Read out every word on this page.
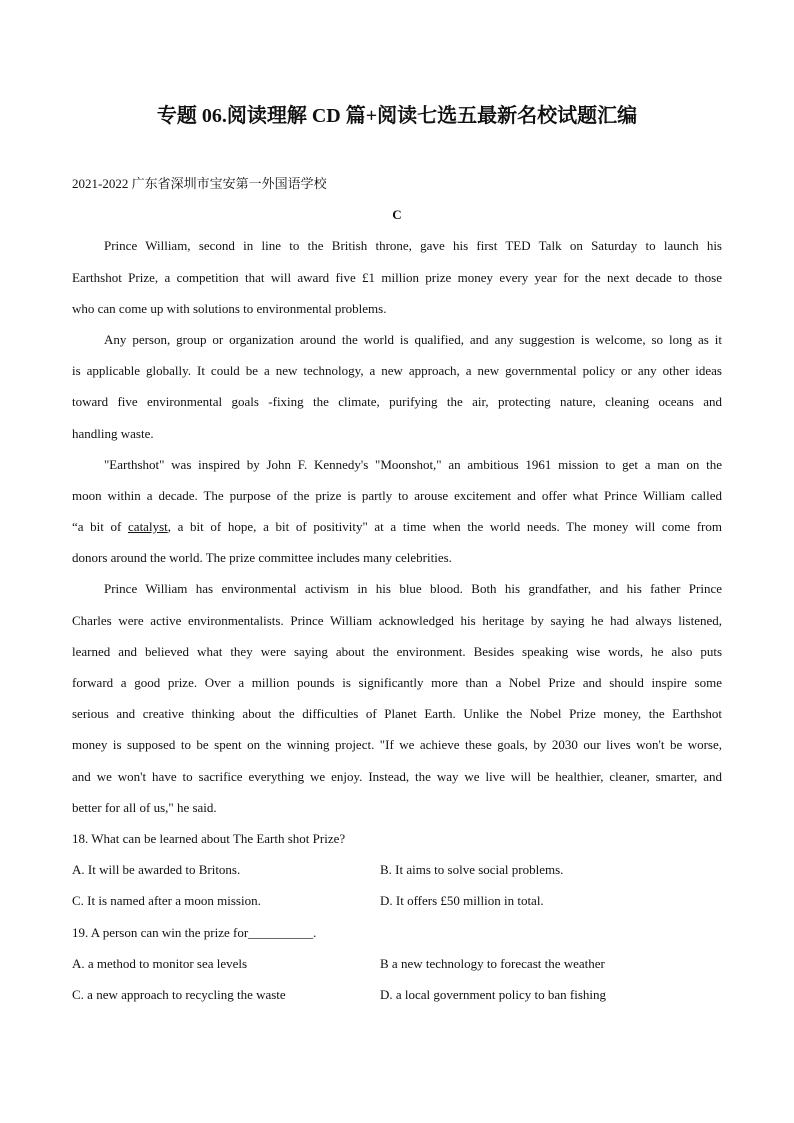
专题 06.阅读理解 CD 篇+阅读七选五最新名校试题汇编
2021-2022 广东省深圳市宝安第一外国语学校
C
Prince William, second in line to the British throne, gave his first TED Talk on Saturday to launch his
Earthshot Prize, a competition that will award five £1 million prize money every year for the next decade to those
who can come up with solutions to environmental problems.
Any person, group or organization around the world is qualified, and any suggestion is welcome, so long as it
is applicable globally. It could be a new technology, a new approach, a new governmental policy or any other ideas
toward five environmental goals -fixing the climate, purifying the air, protecting nature, cleaning oceans and
handling waste.
"Earthshot" was inspired by John F. Kennedy's "Moonshot," an ambitious 1961 mission to get a man on the
moon within a decade. The purpose of the prize is partly to arouse excitement and offer what Prince William called
“a bit of catalyst, a bit of hope, a bit of positivity" at a time when the world needs. The money will come from
donors around the world. The prize committee includes many celebrities.
Prince William has environmental activism in his blue blood. Both his grandfather, and his father Prince
Charles were active environmentalists. Prince William acknowledged his heritage by saying he had always listened,
learned and believed what they were saying about the environment. Besides speaking wise words, he also puts
forward a good prize. Over a million pounds is significantly more than a Nobel Prize and should inspire some
serious and creative thinking about the difficulties of Planet Earth. Unlike the Nobel Prize money, the Earthshot
money is supposed to be spent on the winning project. "If we achieve these goals, by 2030 our lives won't be worse,
and we won't have to sacrifice everything we enjoy. Instead, the way we live will be healthier, cleaner, smarter, and
better for all of us," he said.
18. What can be learned about The Earth shot Prize?
A. It will be awarded to Britons.	B. It aims to solve social problems.
C. It is named after a moon mission.	D. It offers £50 million in total.
19. A person can win the prize for__________.
A. a method to monitor sea levels	B a new technology to forecast the weather
C. a new approach to recycling the waste	D. a local government policy to ban fishing
